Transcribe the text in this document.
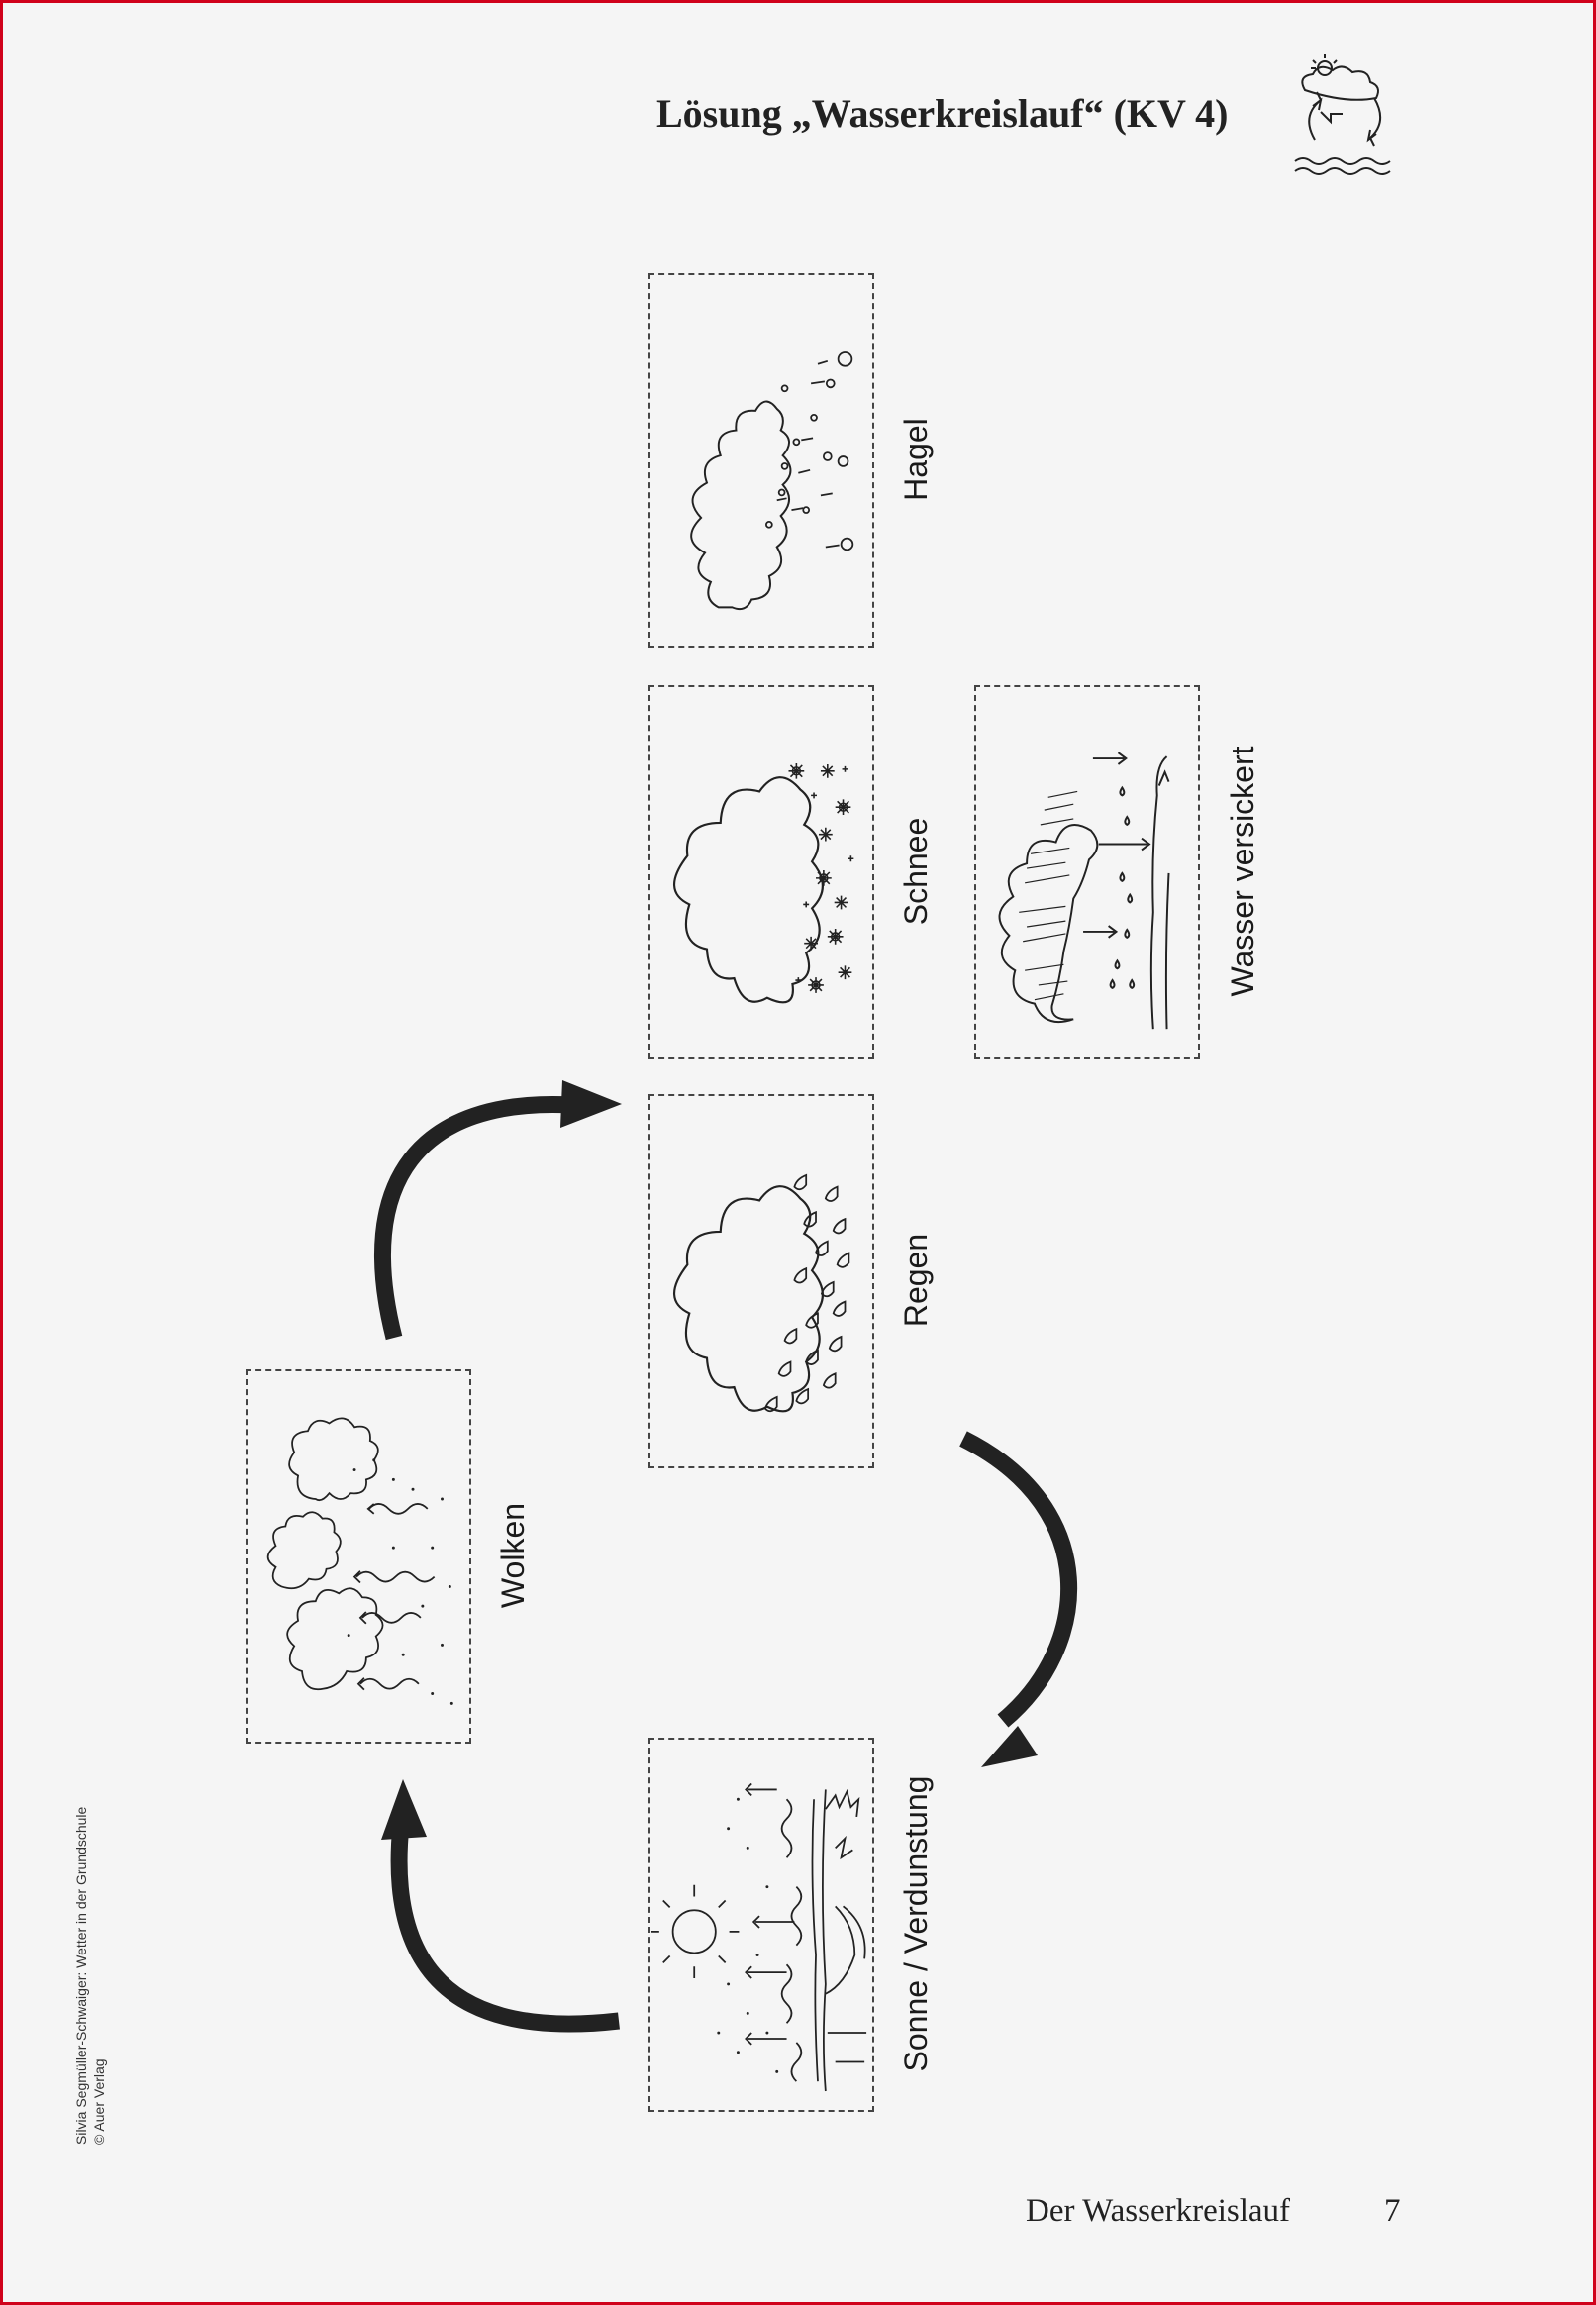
Lösung „Wasserkreislauf“ (KV 4)
Hagel
Schnee	Wasser versickert
Regen
Wolken
Sonne / Verdunstung
Silvia Segmüller-Schwaiger: Wetter in der Grundschule © Auer Verlag
Der Wasserkreislauf	7
